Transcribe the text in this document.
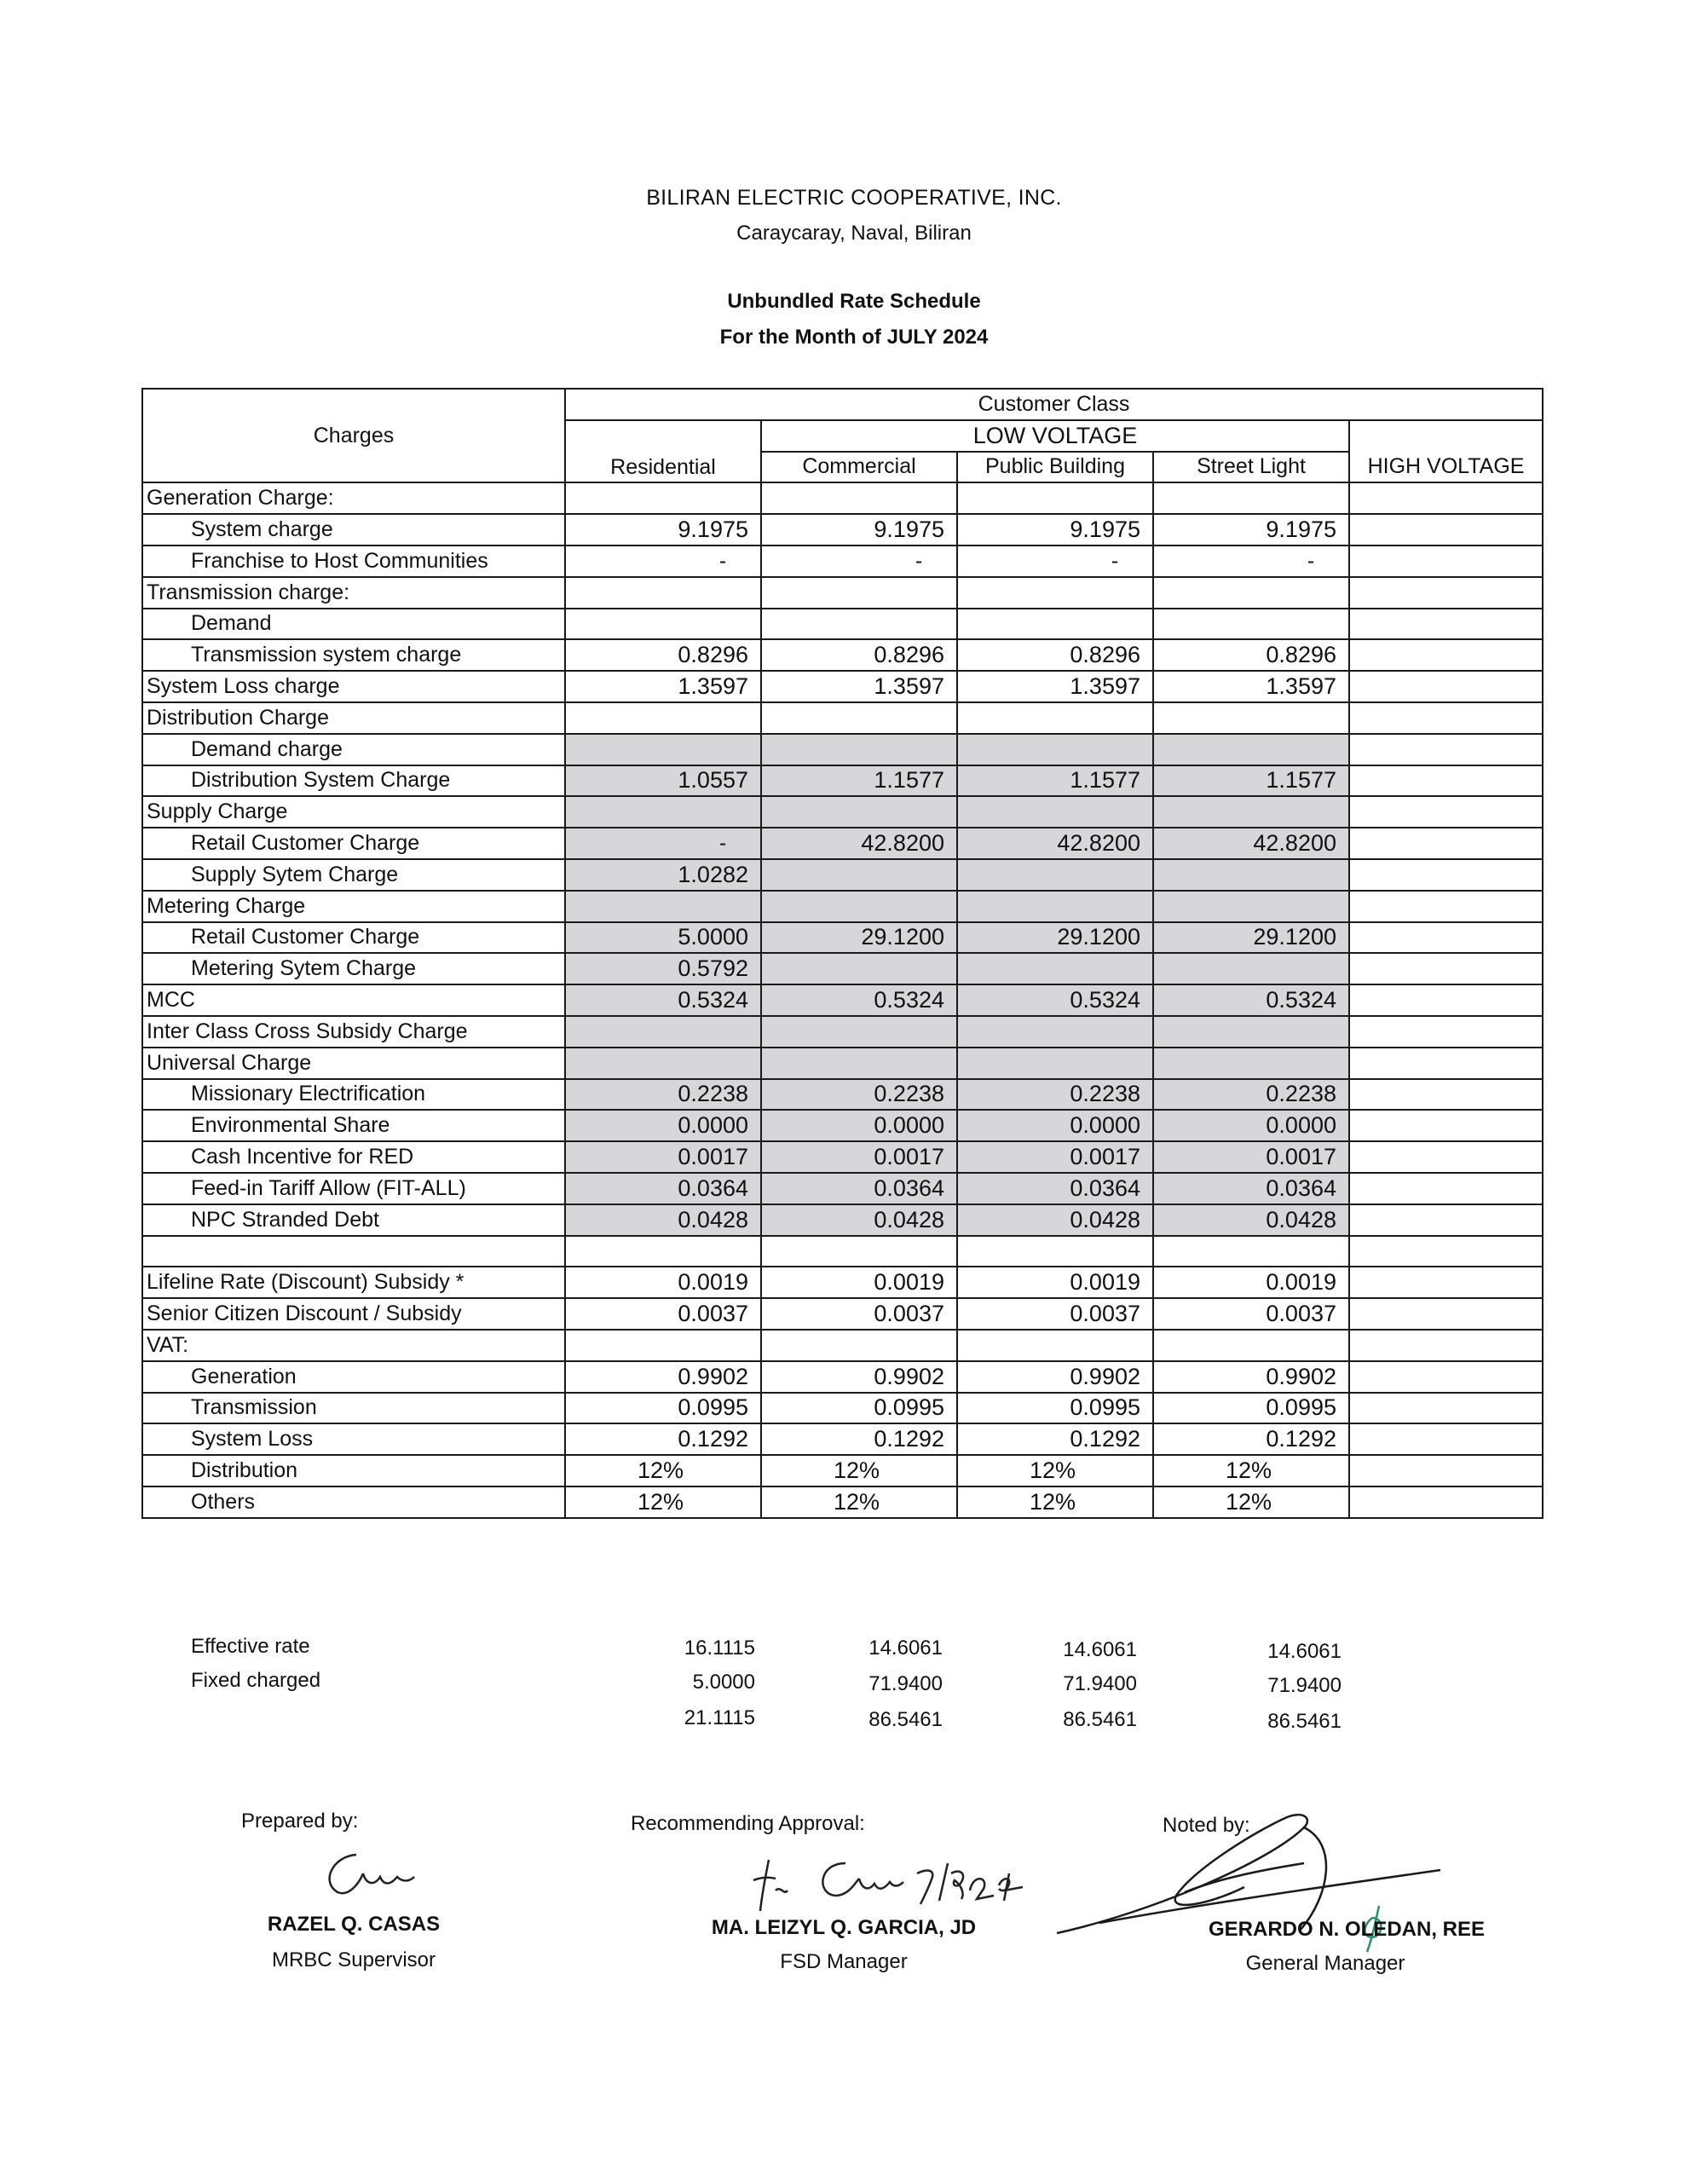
BILIRAN ELECTRIC COOPERATIVE, INC.
Caraycaray, Naval, Biliran
Unbundled Rate Schedule
For the Month of JULY 2024
Charges	Customer Class				
	Residential	LOW VOLTAGE			
		Commercial	Public Building	Street Light	HIGH VOLTAGE
Generation Charge:					
System charge	9.1975	9.1975	9.1975	9.1975	
Franchise to Host Communities	-	-	-	-	
Transmission charge:					
Demand					
Transmission system charge	0.8296	0.8296	0.8296	0.8296	
System Loss charge	1.3597	1.3597	1.3597	1.3597	
Distribution Charge					
Demand charge					
Distribution System Charge	1.0557	1.1577	1.1577	1.1577	
Supply Charge					
Retail Customer Charge	-	42.8200	42.8200	42.8200	
Supply Sytem Charge	1.0282				
Metering Charge					
Retail Customer Charge	5.0000	29.1200	29.1200	29.1200	
Metering Sytem Charge	0.5792				
MCC	0.5324	0.5324	0.5324	0.5324	
Inter Class Cross Subsidy Charge					
Universal Charge					
Missionary Electrification	0.2238	0.2238	0.2238	0.2238	
Environmental Share	0.0000	0.0000	0.0000	0.0000	
Cash Incentive for RED	0.0017	0.0017	0.0017	0.0017	
Feed-in Tariff Allow (FIT-ALL)	0.0364	0.0364	0.0364	0.0364	
NPC Stranded Debt	0.0428	0.0428	0.0428	0.0428	

Lifeline Rate (Discount) Subsidy *	0.0019	0.0019	0.0019	0.0019	
Senior Citizen Discount / Subsidy	0.0037	0.0037	0.0037	0.0037	
VAT:					
Generation	0.9902	0.9902	0.9902	0.9902	
Transmission	0.0995	0.0995	0.0995	0.0995	
System Loss	0.1292	0.1292	0.1292	0.1292	
Distribution	12%	12%	12%	12%	
Others	12%	12%	12%	12%	
Effective rate	16.1115	14.6061	14.6061	14.6061
Fixed charged	5.0000	71.9400	71.9400	71.9400
21.1115	86.5461	86.5461	86.5461
Prepared by:	Recommending Approval:	Noted by:
RAZEL Q. CASAS
MRBC Supervisor
MA. LEIZYL Q. GARCIA, JD
FSD Manager
GERARDO N. OLEDAN, REE
General Manager
